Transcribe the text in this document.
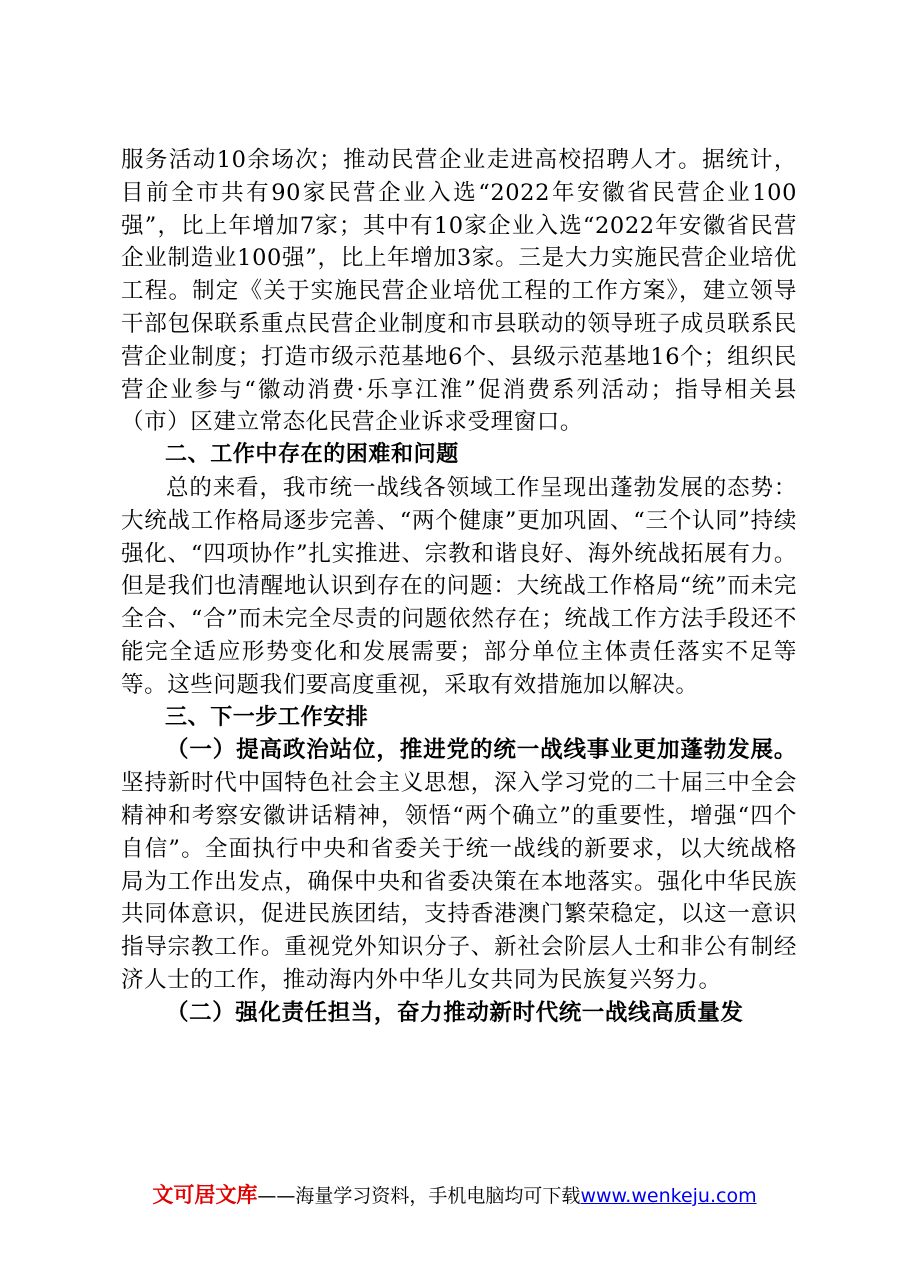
服务活动10余场次；推动民营企业走进高校招聘人才。据统计，目前全市共有90家民营企业入选“2022年安徽省民营企业100强”，比上年增加7家；其中有10家企业入选“2022年安徽省民营企业制造业100强”，比上年增加3家。三是大力实施民营企业培优工程。制定《关于实施民营企业培优工程的工作方案》，建立领导干部包保联系重点民营企业制度和市县联动的领导班子成员联系民营企业制度；打造市级示范基地6个、县级示范基地16个；组织民营企业参与“徽动消费·乐享江淮”促消费系列活动；指导相关县（市）区建立常态化民营企业诉求受理窗口。

二、工作中存在的困难和问题

总的来看，我市统一战线各领域工作呈现出蓬勃发展的态势：大统战工作格局逐步完善、“两个健康”更加巩固、“三个认同”持续强化、“四项协作”扎实推进、宗教和谐良好、海外统战拓展有力。但是我们也清醒地认识到存在的问题：大统战工作格局“统”而未完全合、“合”而未完全尽责的问题依然存在；统战工作方法手段还不能完全适应形势变化和发展需要；部分单位主体责任落实不足等等。这些问题我们要高度重视，采取有效措施加以解决。

三、下一步工作安排

（一）提高政治站位，推进党的统一战线事业更加蓬勃发展。坚持新时代中国特色社会主义思想，深入学习党的二十届三中全会精神和考察安徽讲话精神，领悟“两个确立”的重要性，增强“四个自信”。全面执行中央和省委关于统一战线的新要求，以大统战格局为工作出发点，确保中央和省委决策在本地落实。强化中华民族共同体意识，促进民族团结，支持香港澳门繁荣稳定，以这一意识指导宗教工作。重视党外知识分子、新社会阶层人士和非公有制经济人士的工作，推动海内外中华儿女共同为民族复兴努力。

（二）强化责任担当，奋力推动新时代统一战线高质量发

文可居文库——海量学习资料，手机电脑均可下载www.wenkeju.com
